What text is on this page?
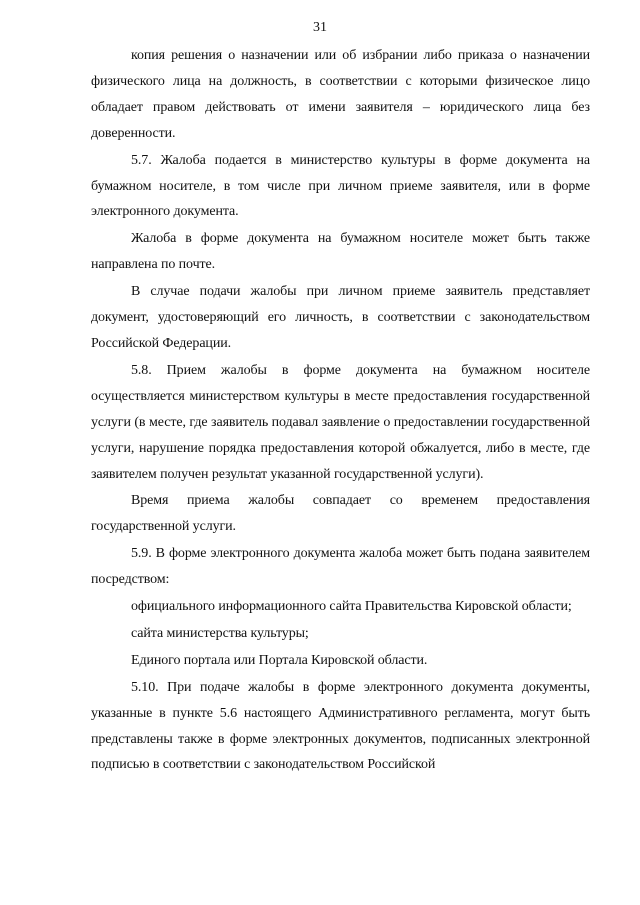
31

копия решения о назначении или об избрании либо приказа о назначении физического лица на должность, в соответствии с которыми физическое лицо обладает правом действовать от имени заявителя – юридического лица без доверенности.

5.7. Жалоба подается в министерство культуры в форме документа на бумажном носителе, в том числе при личном приеме заявителя, или в форме электронного документа.

Жалоба в форме документа на бумажном носителе может быть также направлена по почте.

В случае подачи жалобы при личном приеме заявитель представляет документ, удостоверяющий его личность, в соответствии с законодательством Российской Федерации.

5.8. Прием жалобы в форме документа на бумажном носителе осуществляется министерством культуры в месте предоставления государственной услуги (в месте, где заявитель подавал заявление о предоставлении государственной услуги, нарушение порядка предоставления которой обжалуется, либо в месте, где заявителем получен результат указанной государственной услуги).

Время приема жалобы совпадает со временем предоставления государственной услуги.

5.9. В форме электронного документа жалоба может быть подана заявителем посредством:

официального информационного сайта Правительства Кировской области;

сайта министерства культуры;

Единого портала или Портала Кировской области.

5.10. При подаче жалобы в форме электронного документа документы, указанные в пункте 5.6 настоящего Административного регламента, могут быть представлены также в форме электронных документов, подписанных электронной подписью в соответствии с законодательством Российской
